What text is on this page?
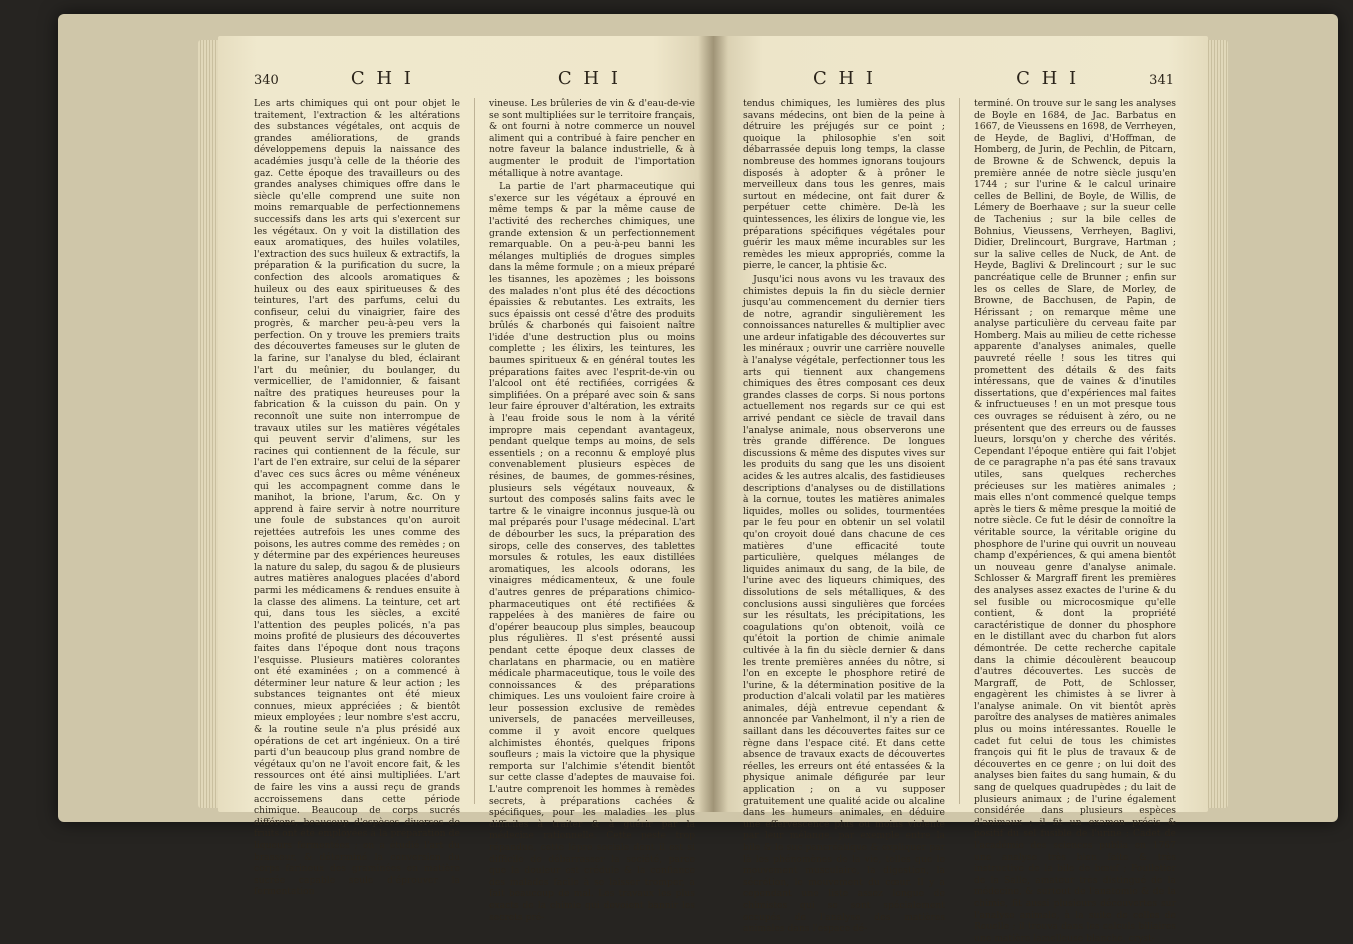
340	C H I	C H I

Les arts chimiques qui ont pour objet le traitement, l'extraction & les altérations des substances végétales, ont acquis de grandes améliorations, de grands développemens depuis la naissance des académies jusqu'à celle de la théorie des gaz. Cette époque des travailleurs ou des grandes analyses chimiques offre dans le siècle qu'elle comprend une suite non moins remarquable de perfectionnemens successifs dans les arts qui s'exercent sur les végétaux. On y voit la distillation des eaux aromatiques, des huiles volatiles, l'extraction des sucs huileux & extractifs, la préparation & la purification du sucre, la confection des alcools aromatiques & huileux ou des eaux spiritueuses & des teintures, l'art des parfums, celui du confiseur, celui du vinaigrier, faire des progrès, & marcher peu-à-peu vers la perfection. On y trouve les premiers traits des découvertes fameuses sur le gluten de la farine, sur l'analyse du bled, éclairant l'art du meûnier, du boulanger, du vermicellier, de l'amidonnier, & faisant naître des pratiques heureuses pour la fabrication & la cuisson du pain. On y reconnoît une suite non interrompue de travaux utiles sur les matières végétales qui peuvent servir d'alimens, sur les racines qui contiennent de la fécule, sur l'art de l'en extraire, sur celui de la séparer d'avec ces sucs âcres ou même vénéneux qui les accompagnent comme dans le manihot, la brione, l'arum, &c. On y apprend à faire servir à notre nourriture une foule de substances qu'on auroit rejettées autrefois les unes comme des poisons, les autres comme des remèdes ; on y détermine par des expériences heureuses la nature du salep, du sagou & de plusieurs autres matières analogues placées d'abord parmi les médicamens & rendues ensuite à la classe des alimens. La teinture, cet art qui, dans tous les siècles, a excité l'attention des peuples policés, n'a pas moins profité de plusieurs des découvertes faites dans l'époque dont nous traçons l'esquisse. Plusieurs matières colorantes ont été examinées ; on a commencé à déterminer leur nature & leur action ; les substances teignantes ont été mieux connues, mieux appréciées ; & bientôt mieux employées ; leur nombre s'est accru, & la routine seule n'a plus présidé aux opérations de cet art ingénieux. On a tiré parti d'un beaucoup plus grand nombre de végétaux qu'on ne l'avoit encore fait, & les ressources ont été ainsi multipliées. L'art de faire les vins a aussi reçu de grands accroissemens dans cette période chimique. Beaucoup de corps sucrés différens, beaucoup d'espèces diverses de fruits ont été employées à la préparation de liqueurs fermentées ; on a étudié l'art du brasseur, & déterminé la conversion du corps farineux des graminées en matière sucrée capable seule d'éprouver la fermentation

vineuse. Les brûleries de vin & d'eau-de-vie se sont multipliées sur le territoire français, & ont fourni à notre commerce un nouvel aliment qui a contribué à faire pencher en notre faveur la balance industrielle, & à augmenter le produit de l'importation métallique à notre avantage.

La partie de l'art pharmaceutique qui s'exerce sur les végétaux a éprouvé en même temps & par la même cause de l'activité des recherches chimiques, une grande extension & un perfectionnement remarquable. On a peu-à-peu banni les mélanges multipliés de drogues simples dans la même formule ; on a mieux préparé les tisannes, les apozèmes ; les boissons des malades n'ont plus été des décoctions épaissies & rebutantes. Les extraits, les sucs épaissis ont cessé d'être des produits brûlés & charbonés qui faisoient naître l'idée d'une destruction plus ou moins complette ; les élixirs, les teintures, les baumes spiritueux & en général toutes les préparations faites avec l'esprit-de-vin ou l'alcool ont été rectifiées, corrigées & simplifiées. On a préparé avec soin & sans leur faire éprouver d'altération, les extraits à l'eau froide sous le nom à la vérité impropre mais cependant avantageux, pendant quelque temps au moins, de sels essentiels ; on a reconnu & employé plus convenablement plusieurs espèces de résines, de baumes, de gommes-résines, plusieurs sels végétaux nouveaux, & surtout des composés salins faits avec le tartre & le vinaigre inconnus jusque-là ou mal préparés pour l'usage médecinal. L'art de débourber les sucs, la préparation des sirops, celle des conserves, des tablettes morsules & rotules, les eaux distillées aromatiques, les alcools odorans, les vinaigres médicamenteux, & une foule d'autres genres de préparations chimico-pharmaceutiques ont été rectifiées & rappelées à des manières de faire ou d'opérer beaucoup plus simples, beaucoup plus régulières. Il s'est présenté aussi pendant cette époque deux classes de charlatans en pharmacie, ou en matière médicale pharmaceutique, tous le voile des connoissances & des préparations chimiques. Les uns vouloient faire croire à leur possession exclusive de remèdes universels, de panacées merveilleuses, comme il y avoit encore quelques alchimistes éhontés, quelques fripons soufleurs ; mais la victoire que la physique remporta sur l'alchimie s'étendit bientôt sur cette classe d'adeptes de mauvaise foi. L'autre comprenoit les hommes à remèdes secrets, à préparations cachées & spécifiques, pour les maladies les plus difficiles à traiter & à guérir par la médecine rationnelle. Cette peste trop répandue, cette lèpre sociale dont il est si difficile de débarrasser la société, parce que la douleur est crédule & la confiance des malades facile à se laisser tromper, a fait beaucoup de mal. Les travaux les plus exacts de la chimie qui devoient bannir les secrets pré-

C H I	C H I	341

tendus chimiques, les lumières des plus savans médecins, ont bien de la peine à détruire les préjugés sur ce point ; quoique la philosophie s'en soit débarrassée depuis long temps, la classe nombreuse des hommes ignorans toujours disposés à adopter & à prôner le merveilleux dans tous les genres, mais surtout en médecine, ont fait durer & perpétuer cette chimère. De-là les quintessences, les élixirs de longue vie, les préparations spécifiques végétales pour guérir les maux même incurables sur les remèdes les mieux appropriés, comme la pierre, le cancer, la phtisie &c.

Jusqu'ici nous avons vu les travaux des chimistes depuis la fin du siècle dernier jusqu'au commencement du dernier tiers de notre, agrandir singulièrement les connoissances naturelles & multiplier avec une ardeur infatigable des découvertes sur les minéraux ; ouvrir une carrière nouvelle à l'analyse végétale, perfectionner tous les arts qui tiennent aux changemens chimiques des êtres composant ces deux grandes classes de corps. Si nous portons actuellement nos regards sur ce qui est arrivé pendant ce siècle de travail dans l'analyse animale, nous observerons une très grande différence. De longues discussions & même des disputes vives sur les produits du sang que les uns disoient acides & les autres alcalis, des fastidieuses descriptions d'analyses ou de distillations à la cornue, toutes les matières animales liquides, molles ou solides, tourmentées par le feu pour en obtenir un sel volatil qu'on croyoit doué dans chacune de ces matières d'une efficacité toute particulière, quelques mélanges de liquides animaux du sang, de la bile, de l'urine avec des liqueurs chimiques, des dissolutions de sels métalliques, & des conclusions aussi singulières que forcées sur les résultats, les précipitations, les coagulations qu'on obtenoit, voilà ce qu'étoit la portion de chimie animale cultivée à la fin du siècle dernier & dans les trente premières années du nôtre, si l'on en excepte le phosphore retiré de l'urine, & la détermination positive de la production d'alcali volatil par les matières animales, déjà entrevue cependant & annoncée par Vanhelmont, il n'y a rien de saillant dans les découvertes faites sur ce règne dans l'espace cité. Et dans cette absence de travaux exacts de découvertes réelles, les erreurs ont été entassées & la physique animale défigurée par leur application ; on a vu supposer gratuitement une qualité acide ou alcaline dans les humeurs animales, en déduire une effervescence plus ou moins violente par leur mélange, par exemple entre la bile & le suc pancréatique & expliquer par là les phénomènes de la vie, telles que le mouvement musculaire, la digestion, la sécrétion, le mouvement du cœur. Il y a cependant une liste assez longue de chimistes qui se sont spécialement occupés de l'analyse des matières animales dans l'espace dé-

terminé. On trouve sur le sang les analyses de Boyle en 1684, de Jac. Barbatus en 1667, de Vieussens en 1698, de Verrheyen, de Heyde, de Baglivi, d'Hoffman, de Homberg, de Jurin, de Pechlin, de Pitcarn, de Browne & de Schwenck, depuis la première année de notre siècle jusqu'en 1744 ; sur l'urine & le calcul urinaire celles de Bellini, de Boyle, de Willis, de Lémery de Boerhaave ; sur la sueur celle de Tachenius ; sur la bile celles de Bohnius, Vieussens, Verrheyen, Baglivi, Didier, Drelincourt, Burgrave, Hartman ; sur la salive celles de Nuck, de Ant. de Heyde, Baglivi & Drelincourt ; sur le suc pancréatique celle de Brunner ; enfin sur les os celles de Slare, de Morley, de Browne, de Bacchusen, de Papin, de Hérissant ; on remarque même une analyse particulière du cerveau faite par Homberg. Mais au milieu de cette richesse apparente d'analyses animales, quelle pauvreté réelle ! sous les titres qui promettent des détails & des faits intéressans, que de vaines & d'inutiles dissertations, que d'expériences mal faites & infructueuses ! en un mot presque tous ces ouvrages se réduisent à zéro, ou ne présentent que des erreurs ou de fausses lueurs, lorsqu'on y cherche des vérités. Cependant l'époque entière qui fait l'objet de ce paragraphe n'a pas été sans travaux utiles, sans quelques recherches précieuses sur les matières animales ; mais elles n'ont commencé quelque temps après le tiers & même presque la moitié de notre siècle. Ce fut le désir de connoître la véritable source, la véritable origine du phosphore de l'urine qui ouvrit un nouveau champ d'expériences, & qui amena bientôt un nouveau genre d'analyse animale. Schlosser & Margraff firent les premières des analyses assez exactes de l'urine & du sel fusible ou microcosmique qu'elle contient, & dont la propriété caractéristique de donner du phosphore en le distillant avec du charbon fut alors démontrée. De cette recherche capitale dans la chimie découlèrent beaucoup d'autres découvertes. Les succès de Margraff, de Pott, de Schlosser, engagèrent les chimistes à se livrer à l'analyse animale. On vit bientôt après paroître des analyses de matières animales plus ou moins intéressantes. Rouelle le cadet fut celui de tous les chimistes françois qui fit le plus de travaux & de découvertes en ce genre ; on lui doit des analyses bien faites du sang humain, & du sang de quelques quadrupèdes ; du lait de plusieurs animaux ; de l'urine également considérée dans plusieurs espèces d'animaux ; il fit un examen précis & positif du sel fusible de l'urine ; Cadet de l'académie des sciences publia en 1767 une analyse très bien faite & très instructive de la bile de bœuf ; Poulletier de la Salle, amateur très distingué de la médecine, & surtout de l'anatomie & de la chimie, fit aussi plusieurs découvertes sur l'analyse animale, à la suite de celles de Rouelle ; il trouva dans les calculs biliaires une matière lamelleuse blanche, cryst-
